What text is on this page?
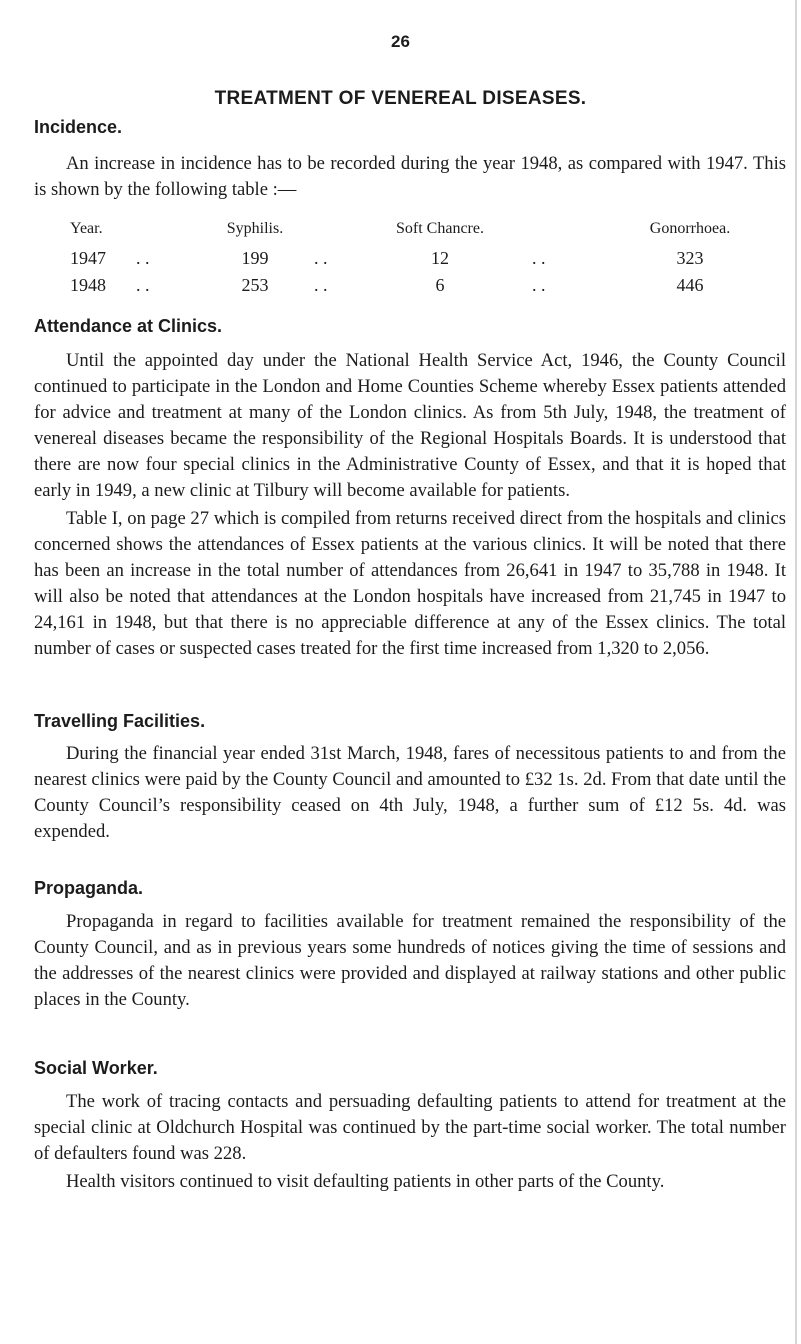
26
TREATMENT OF VENEREAL DISEASES.
Incidence.

An increase in incidence has to be recorded during the year 1948, as compared with 1947. This is shown by the following table :—

Year.	Syphilis.	Soft Chancre.	Gonorrhoea.
1947 . .	199	. .	12	. .	323
1948 . .	253	. .	6	. .	446
Attendance at Clinics.

Until the appointed day under the National Health Service Act, 1946, the County Council continued to participate in the London and Home Counties Scheme whereby Essex patients attended for advice and treatment at many of the London clinics. As from 5th July, 1948, the treatment of venereal diseases became the responsibility of the Regional Hospitals Boards. It is understood that there are now four special clinics in the Administrative County of Essex, and that it is hoped that early in 1949, a new clinic at Tilbury will become available for patients.

Table I, on page 27 which is compiled from returns received direct from the hospitals and clinics concerned shows the attendances of Essex patients at the various clinics. It will be noted that there has been an increase in the total number of attendances from 26,641 in 1947 to 35,788 in 1948. It will also be noted that attendances at the London hospitals have increased from 21,745 in 1947 to 24,161 in 1948, but that there is no appreciable difference at any of the Essex clinics. The total number of cases or suspected cases treated for the first time increased from 1,320 to 2,056.

Travelling Facilities.

During the financial year ended 31st March, 1948, fares of necessitous patients to and from the nearest clinics were paid by the County Council and amounted to £32 1s. 2d. From that date until the County Council’s responsibility ceased on 4th July, 1948, a further sum of £12 5s. 4d. was expended.

Propaganda.

Propaganda in regard to facilities available for treatment remained the responsibility of the County Council, and as in previous years some hundreds of notices giving the time of sessions and the addresses of the nearest clinics were provided and displayed at railway stations and other public places in the County.

Social Worker.

The work of tracing contacts and persuading defaulting patients to attend for treatment at the special clinic at Oldchurch Hospital was continued by the part-time social worker. The total number of defaulters found was 228.

Health visitors continued to visit defaulting patients in other parts of the County.
